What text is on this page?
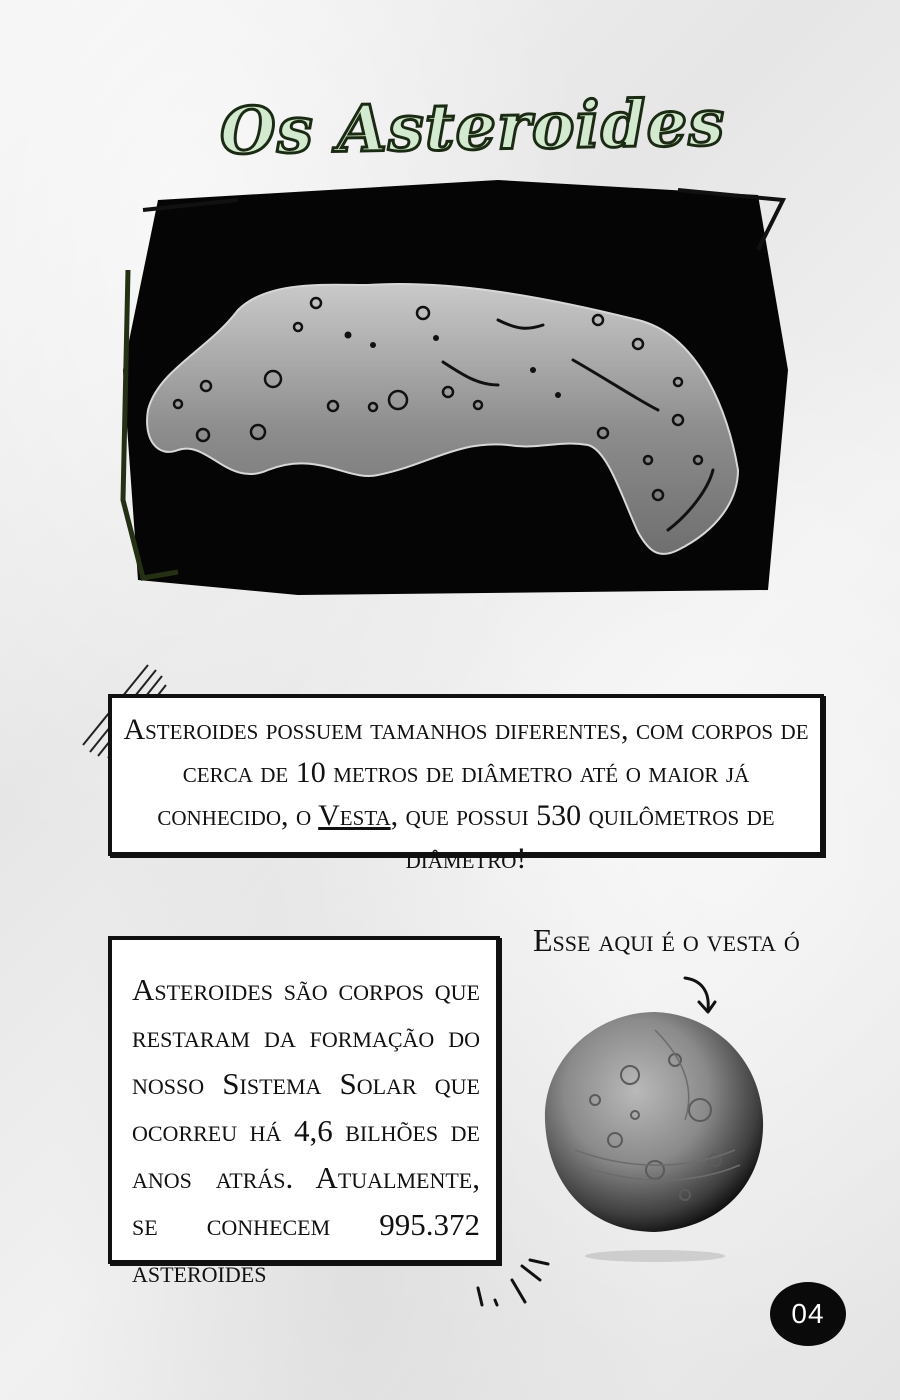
Os Asteroides
Asteroides possuem tamanhos diferentes, com corpos de cerca de 10 metros de diâmetro até o maior já conhecido, o Vesta, que possui 530 quilômetros de diâmetro!
Asteroides são corpos que restaram da formação do nosso Sistema Solar que ocorreu há 4,6 bilhões de anos atrás. Atualmente, se conhecem 995.372 asteroides
Esse aqui é o vesta ó
04
